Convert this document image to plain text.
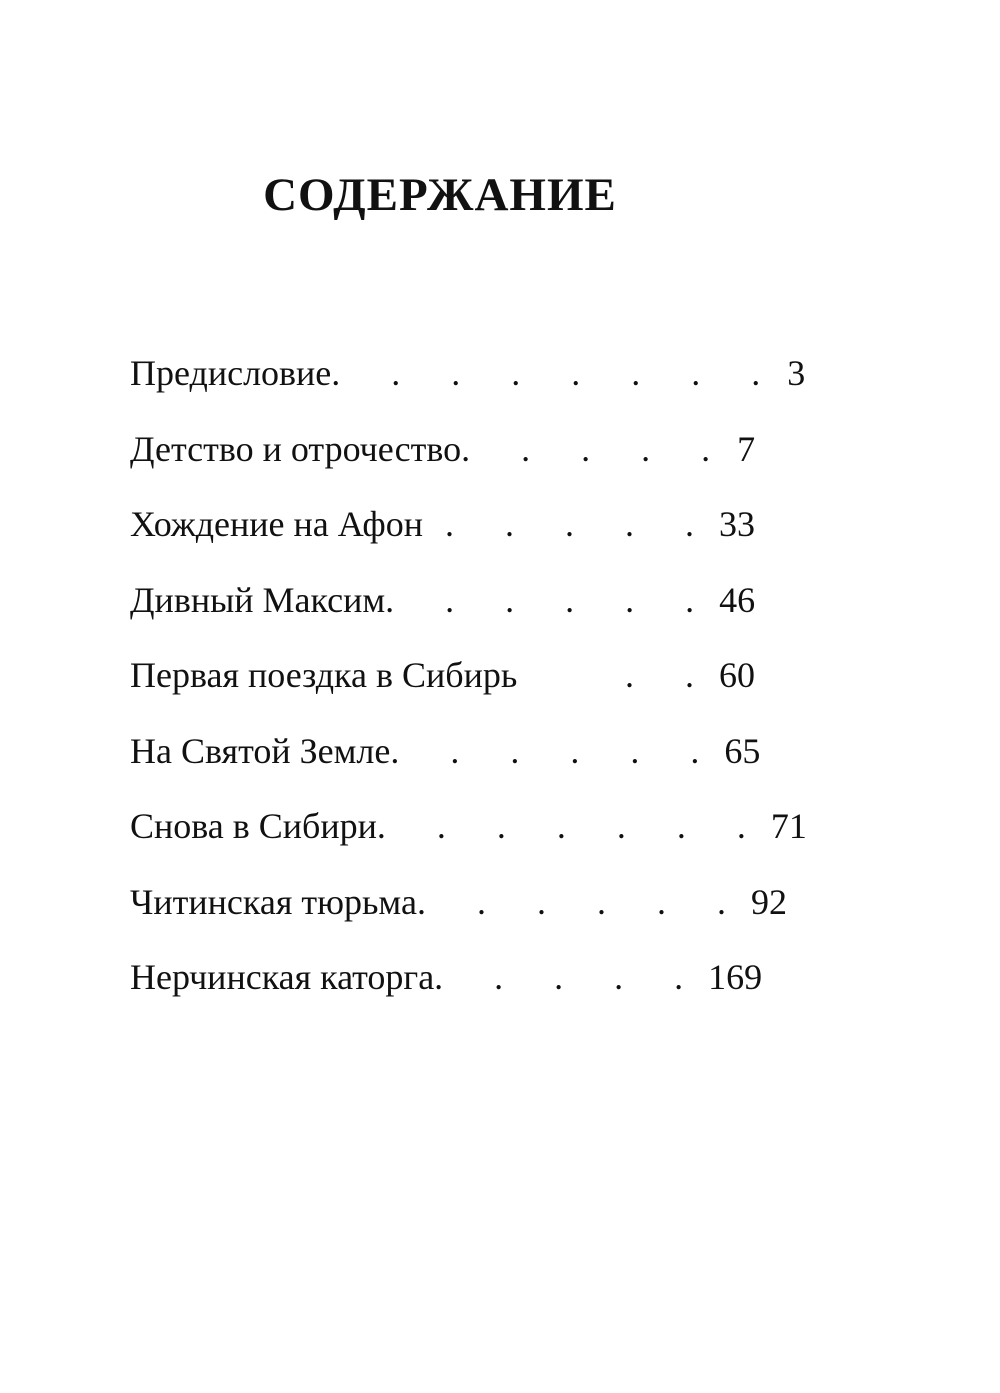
СОДЕРЖАНИЕ
Предисловие . . . . . . . . 3
Детство и отрочество . . . . . 7
Хождение на Афон . . . . . 33
Дивный Максим . . . . . . 46
Первая поездка в Сибирь	. . 60
На Святой Земле . . . . . . 65
Снова в Сибири . . . . . . . 71
Читинская тюрьма . . . . . . 92
Нерчинская каторга . . . . . 169
